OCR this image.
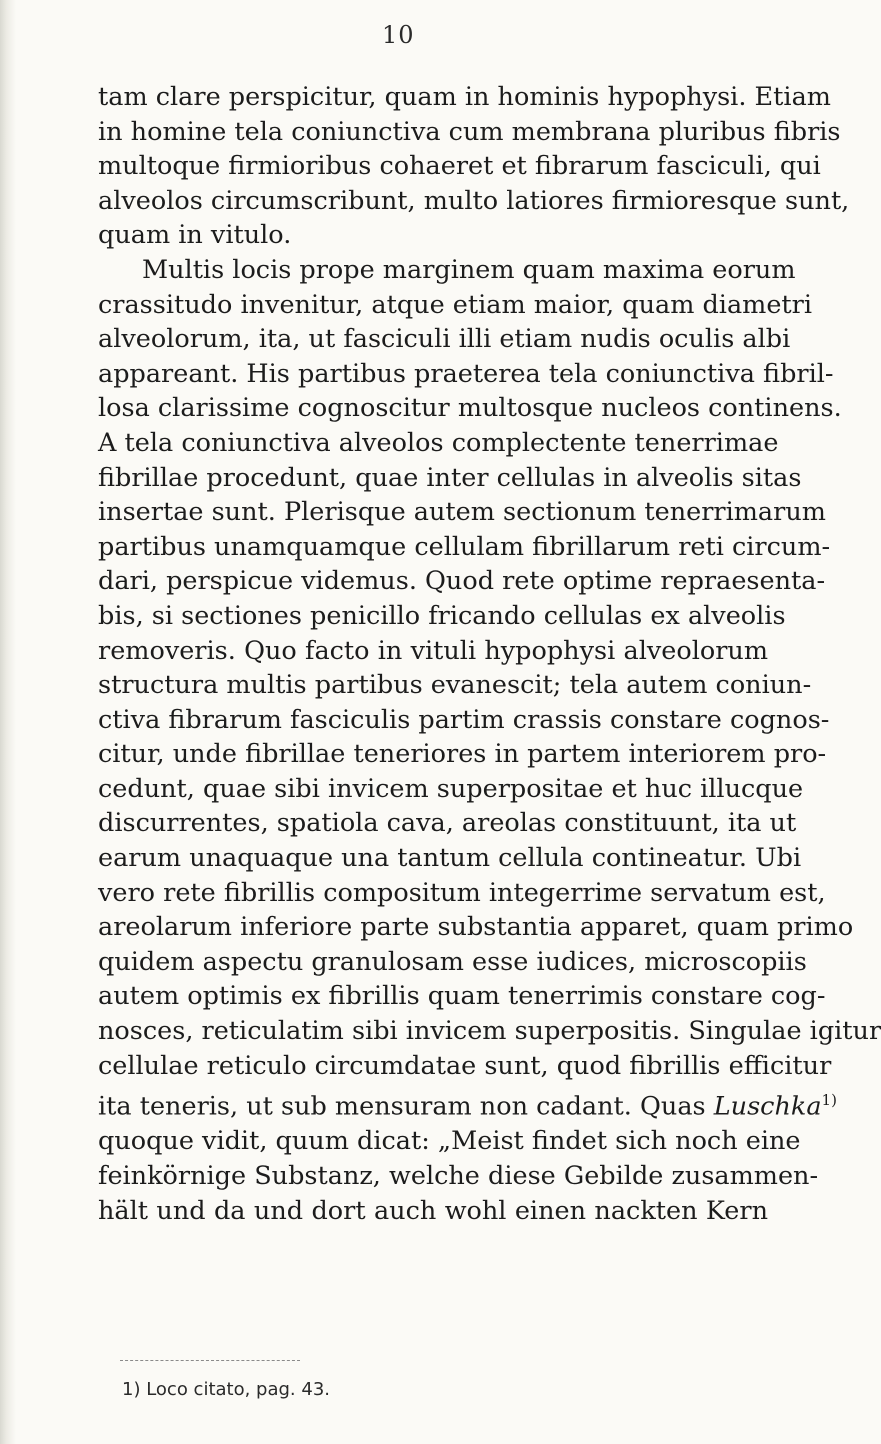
10
tam clare perspicitur, quam in hominis hypophysi. Etiam
in homine tela coniunctiva cum membrana pluribus fibris
multoque firmioribus cohaeret et fibrarum fasciculi, qui
alveolos circumscribunt, multo latiores firmioresque sunt,
quam in vitulo.
Multis locis prope marginem quam maxima eorum
crassitudo invenitur, atque etiam maior, quam diametri
alveolorum, ita, ut fasciculi illi etiam nudis oculis albi
appareant. His partibus praeterea tela coniunctiva fibril-
losa clarissime cognoscitur multosque nucleos continens.
A tela coniunctiva alveolos complectente tenerrimae
fibrillae procedunt, quae inter cellulas in alveolis sitas
insertae sunt. Plerisque autem sectionum tenerrimarum
partibus unamquamque cellulam fibrillarum reti circum-
dari, perspicue videmus. Quod rete optime repraesenta-
bis, si sectiones penicillo fricando cellulas ex alveolis
removeris. Quo facto in vituli hypophysi alveolorum
structura multis partibus evanescit; tela autem coniun-
ctiva fibrarum fasciculis partim crassis constare cognos-
citur, unde fibrillae teneriores in partem interiorem pro-
cedunt, quae sibi invicem superpositae et huc illucque
discurrentes, spatiola cava, areolas constituunt, ita ut
earum unaquaque una tantum cellula contineatur. Ubi
vero rete fibrillis compositum integerrime servatum est,
areolarum inferiore parte substantia apparet, quam primo
quidem aspectu granulosam esse iudices, microscopiis
autem optimis ex fibrillis quam tenerrimis constare cog-
nosces, reticulatim sibi invicem superpositis. Singulae igitur
cellulae reticulo circumdatae sunt, quod fibrillis efficitur
ita teneris, ut sub mensuram non cadant. Quas Luschka$^{1)}$
quoque vidit, quum dicat: „Meist findet sich noch eine
feinkörnige Substanz, welche diese Gebilde zusammen-
hält und da und dort auch wohl einen nackten Kern
1) Loco citato, pag. 43.
